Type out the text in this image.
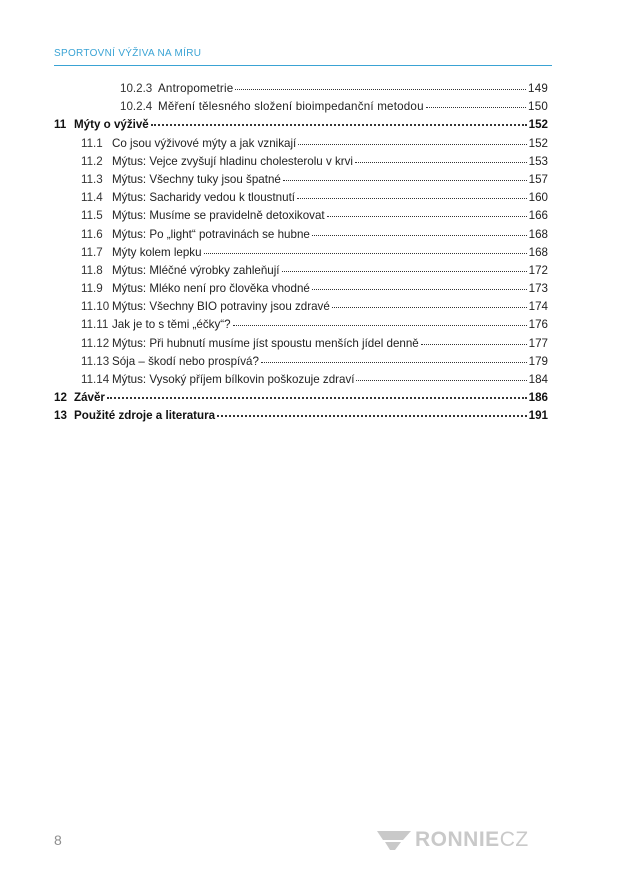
SPORTOVNÍ VÝŽIVA NA MÍRU
10.2.3 Antropometrie	149
10.2.4 Měření tělesného složení bioimpedanční metodou	150
11 Mýty o výživě	152
11.1 Co jsou výživové mýty a jak vznikají	152
11.2 Mýtus: Vejce zvyšují hladinu cholesterolu v krvi	153
11.3 Mýtus: Všechny tuky jsou špatné	157
11.4 Mýtus: Sacharidy vedou k tloustnutí	160
11.5 Mýtus: Musíme se pravidelně detoxikovat	166
11.6 Mýtus: Po „light“ potravinách se hubne	168
11.7 Mýty kolem lepku	168
11.8 Mýtus: Mléčné výrobky zahleňují	172
11.9 Mýtus: Mléko není pro člověka vhodné	173
11.10 Mýtus: Všechny BIO potraviny jsou zdravé	174
11.11 Jak je to s těmi „éčky“?	176
11.12 Mýtus: Při hubnutí musíme jíst spoustu menších jídel denně	177
11.13 Sója – škodí nebo prospívá?	179
11.14 Mýtus: Vysoký příjem bílkovin poškozuje zdraví	184
12 Závěr	186
13 Použité zdroje a literatura	191
8	RONNIECZ
